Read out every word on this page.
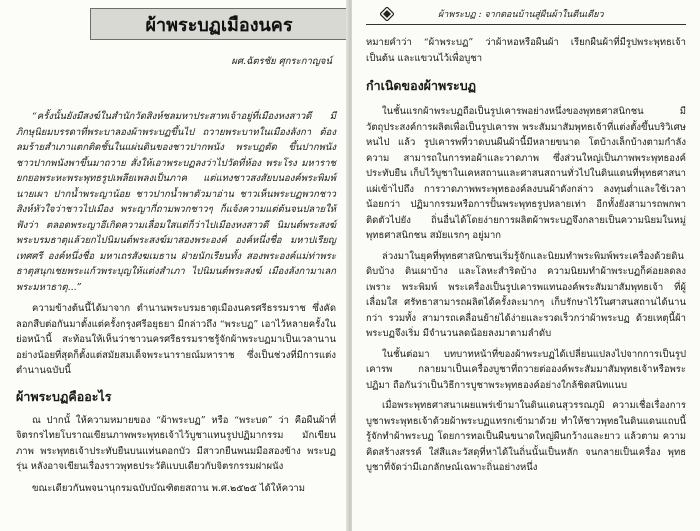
ผ้าพระบฏเมืองนคร
ผศ.ฉัตรชัย ศุกระกาญจน์

“ครั้งนั้นยังมีสงฆ์ในสำนักวัดสิงห์ชลมหาประสาทเจ้าอยู่ที่เมืองหงสาวดี มีภิกษุนิยมบรรดาที่พระบาลองผ้าพระบฏขึ้นไป ถวายพระบาทในเมืองลังกา ต้องลมร้ายสำเภาแตกติดชั้นในแผ่นดินของชาวปากพนัง พระบฏตัด ขึ้นปากพนัง ชาวปากพนังพาขึ้นมาถวาย สั่งให้เอาพระบฏลงว่าไปวัดที่ห้อง พระโรง มหาราชยกยอพระหะพระพุทธรูปเพลียเพลงเป็นภาค แต่แทงชาวสงสัยบนองค์พระพิมพ์นายเผา ปากน้ำพระญาน้อย ชาวปากน้ำพาตัวมาอ่าน ชาวเห็นพระบฏพวกชาวสิงห์หัวใจว่าชาวไปเมือง พระญากี่ถามพวกชาวๆ ก็แจ้งความแต่ต้นจนปลายให้ฟังว่า ตลอดพระญาอีเกิดความเลื่อมใสแต่ก็ว่าไปเมืองหงสาวดี นิมนต์พระสงฆ์พระบรมธาตุแล้วยกไปนิมนต์พระสงฆ์มาสองพระองค์ องค์หนึ่งชื่อ มหาปเรียญเทศศรี องค์หนึ่งชื่อ มหาเถรสังฆเมธาน ฝ่ายนักเรียนทั้ง สองพระองค์แม่ท่าพระธาตุสนุกเชยพระแก้วพระบุญให้แต่งสำเภา ไปนิมนต์พระสงฆ์ เมืองลังกามาเลกพระมหาธาตุ...”

ความข้างต้นนี้ได้มาจาก ตำนานพระบรมธาตุเมืองนครศรีธรรมราช ซึ่งคัด ลอกสืบต่อกันมาตั้งแต่ครั้งกรุงศรีอยุธยา มีกล่าวถึง “พระบฏ” เอาไว้หลายครั้งใน ย่อหน้านี้ สะท้อนให้เห็นว่าชาวนครศรีธรรมราชรู้จักผ้าพระบฏมาเป็นเวลานาน อย่างน้อยที่สุดก็ตั้งแต่สมัยสมเด็จพระนารายณ์มหาราช ซึ่งเป็นช่วงที่มีการแต่ง ตำนานฉบับนี้

ผ้าพระบฏคืออะไร

ณ ปากนั้ ให้ความหมายของ “ผ้าพระบฏ” หรือ “พระบด” ว่า คือผืนผ้าที่ จิตรกรไทยโบราณเขียนภาพพระพุทธเจ้าไว้บูชาแทนรูปปฏิมากรรม มักเขียนภาพ พระพุทธเจ้าประทับยืนบนแท่นดอกบัว มีสาวกยืนพนมมือสองข้าง พระบฏรุ่น หลังอาจเขียนเรื่องราวพุทธประวัติแบบเดียวกับจิตรกรรมฝาผนัง

ขณะเดียวกันพจนานุกรมฉบับบัณฑิตยสถาน พ.ศ.๒๕๒๕ ได้ให้ความ

ผ้าพระบฏ : จากตอนบ้านสู่ผืนผ้าในตีนเดียว

หมายคำว่า “ผ้าพระบฏ” ว่าผ้าหอหรือผืนผ้า เรียกผืนผ้าที่มีรูปพระพุทธเจ้าเป็นต้น และแขวนไว้เพื่อบูชา

กำเนิดของผ้าพระบฏ

ในชั้นแรกผ้าพระบฏถือเป็นรูปเคารพอย่างหนึ่งของพุทธศาสนิกชน มี วัตถุประสงค์การผลิตเพื่อเป็นรูปเคารพ พระสัมมาสัมพุทธเจ้าที่แต่งตั้งขึ้นบริวิเศษหนไป แล้ว รูปเคารพที่วาดบนผืนผ้านี้มีหลายขนาด โตบ้างเล็กบ้างตามกำลังความ สามารถในการทอผ้าและวาดภาพ ซึ่งส่วนใหญ่เป็นภาพพระพุทธองค์ประทับยืน เก็บไว้บูชาในเคหสถานและศาสนสถานทั่วไปในดินแดนที่พุทธศาสนาแผ่เข้าไปถึง การวาดภาพพระพุทธองค์ลงบนผ้าดังกล่าว ลงทุนต่ำและใช้เวลาน้อยกว่า ปฏิมากรรมหรือการปั้นพระพุทธรูปหลายเท่า อีกทั้งยังสามารถพกพาติดตัวไปยัง ถิ่นอื่นได้โดยง่ายการผลิตผ้าพระบฏจึงกลายเป็นความนิยมในหมู่พุทธศาสนิกชน สมัยแรกๆ อยู่มาก

ล่วงมาในยุคที่พุทธศาสนิกชนเริ่มรู้จักและนิยมทำพระพิมพ์พระเครื่องด้วยดิน ดิบบ้าง ดินเผาบ้าง และโลหะสำริดบ้าง ความนิยมทำผ้าพระบฏก็ค่อยลดลง เพราะ พระพิมพ์ พระเครื่องเป็นรูปเคารพแทนองค์พระสัมมาสัมพุทธเจ้า ที่ผู้เลื่อมใส ศรัทธาสามารถผลิตได้ครั้งละมากๆ เก็บรักษาไว้ในศาสนสถานได้นานกว่า รวมทั้ง สามารถเคลื่อนย้ายได้ง่ายและรวดเร็วกว่าผ้าพระบฏ ด้วยเหตุนี้ผ้าพระบฏจึงเริ่ม มีจำนวนลดน้อยลงมาตามลำดับ

ในชั้นต่อมา บทบาทหน้าที่ของผ้าพระบฏได้เปลี่ยนแปลงไปจากการเป็นรูป เคารพ กลายมาเป็นเครื่องบูชาที่ถวายต่อองค์พระสัมมาสัมพุทธเจ้าหรือพระปฏิมา ถือกันว่าเป็นวิธีการบูชาพระพุทธองค์อย่างใกล้ชิดสนิทแนบ

เมื่อพระพุทธศาสนาเผยแพร่เข้ามาในดินแดนสุวรรณภูมิ ความเชื่อเรื่องการ บูชาพระพุทธเจ้าด้วยผ้าพระบฏแทรกเข้ามาด้วย ทำให้ชาวพุทธในดินแดนแถบนี้ รู้จักทำผ้าพระบฏ โดยการทอเป็นผืนขนาดใหญ่ผืนกว้างและยาว แล้วตาม ความคิดสร้างสรรค์ ใส่สีและวัสดุที่หาได้ในถิ่นนั้นเป็นหลัก จนกลายเป็นเครื่อง พุทธบูชาที่จัดว่ามีเอกลักษณ์เฉพาะถิ่นอย่างหนึ่ง
